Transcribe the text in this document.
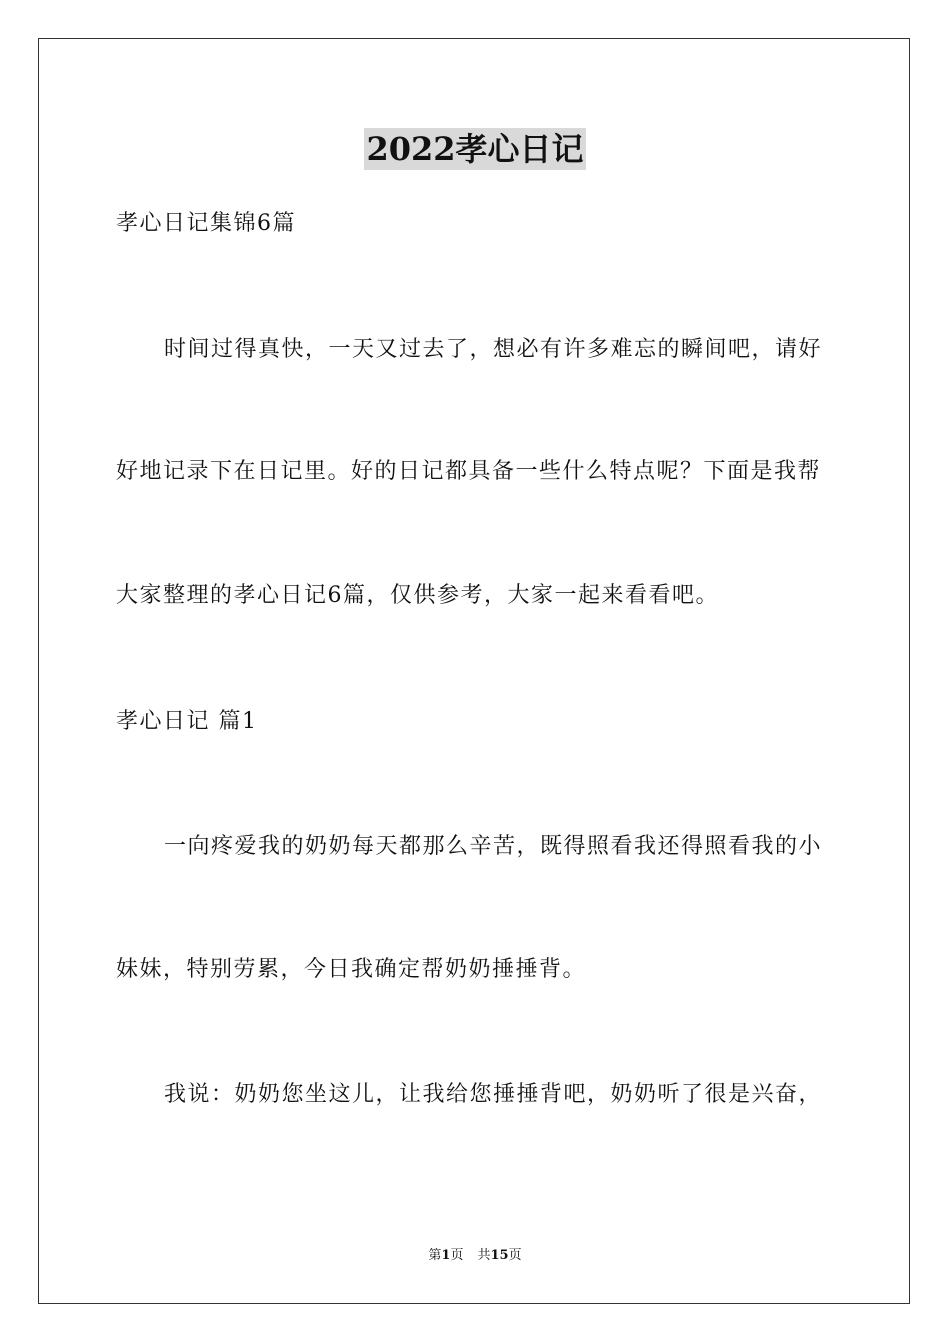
2022孝心日记
孝心日记集锦6篇
时间过得真快，一天又过去了，想必有许多难忘的瞬间吧，请好
好地记录下在日记里。好的日记都具备一些什么特点呢？下面是我帮
大家整理的孝心日记6篇，仅供参考，大家一起来看看吧。
孝心日记 篇1
一向疼爱我的奶奶每天都那么辛苦，既得照看我还得照看我的小
妹妹，特别劳累，今日我确定帮奶奶捶捶背。
我说：奶奶您坐这儿，让我给您捶捶背吧，奶奶听了很是兴奋，
第1页 共15页
